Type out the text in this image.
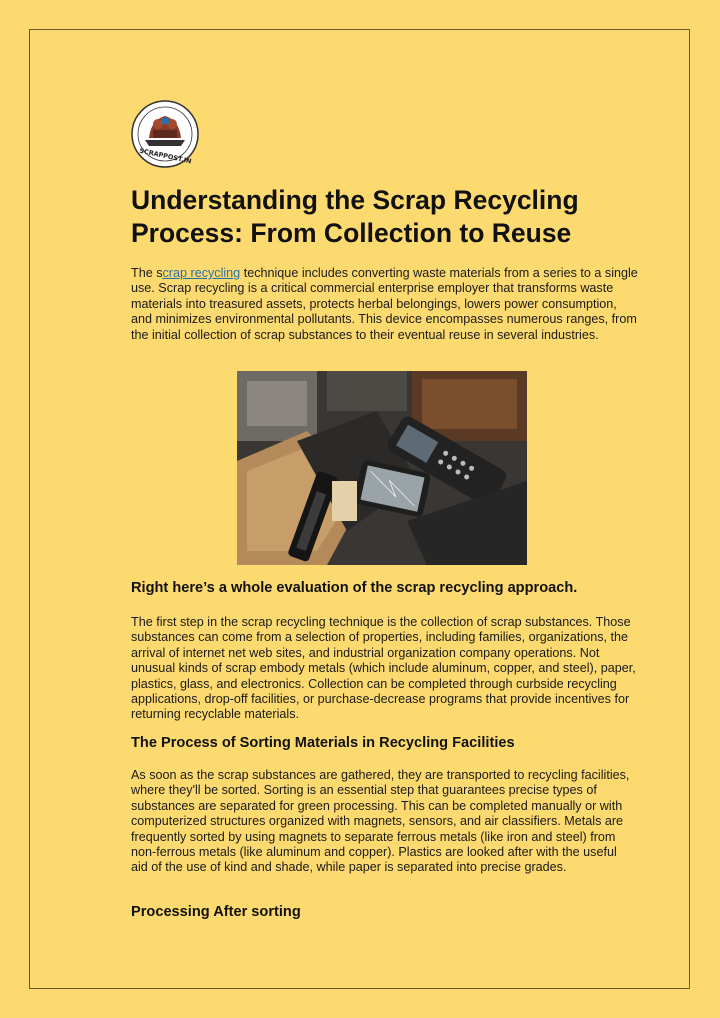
SCRAPPOST.IN
Understanding the Scrap Recycling
Process: From Collection to Reuse

The scrap recycling technique includes converting waste materials from a series to a single use. Scrap recycling is a critical commercial enterprise employer that transforms waste materials into treasured assets, protects herbal belongings, lowers power consumption, and minimizes environmental pollutants. This device encompasses numerous ranges, from the initial collection of scrap substances to their eventual reuse in several industries.

Right here’s a whole evaluation of the scrap recycling approach.

The first step in the scrap recycling technique is the collection of scrap substances. Those substances can come from a selection of properties, including families, organizations, the arrival of internet net web sites, and industrial organization company operations. Not unusual kinds of scrap embody metals (which include aluminum, copper, and steel), paper, plastics, glass, and electronics. Collection can be completed through curbside recycling applications, drop-off facilities, or purchase-decrease programs that provide incentives for returning recyclable materials.

The Process of Sorting Materials in Recycling Facilities

As soon as the scrap substances are gathered, they are transported to recycling facilities, where they'll be sorted. Sorting is an essential step that guarantees precise types of substances are separated for green processing. This can be completed manually or with computerized structures organized with magnets, sensors, and air classifiers. Metals are frequently sorted by using magnets to separate ferrous metals (like iron and steel) from non-ferrous metals (like aluminum and copper). Plastics are looked after with the useful aid of the use of kind and shade, while paper is separated into precise grades.

Processing After sorting
